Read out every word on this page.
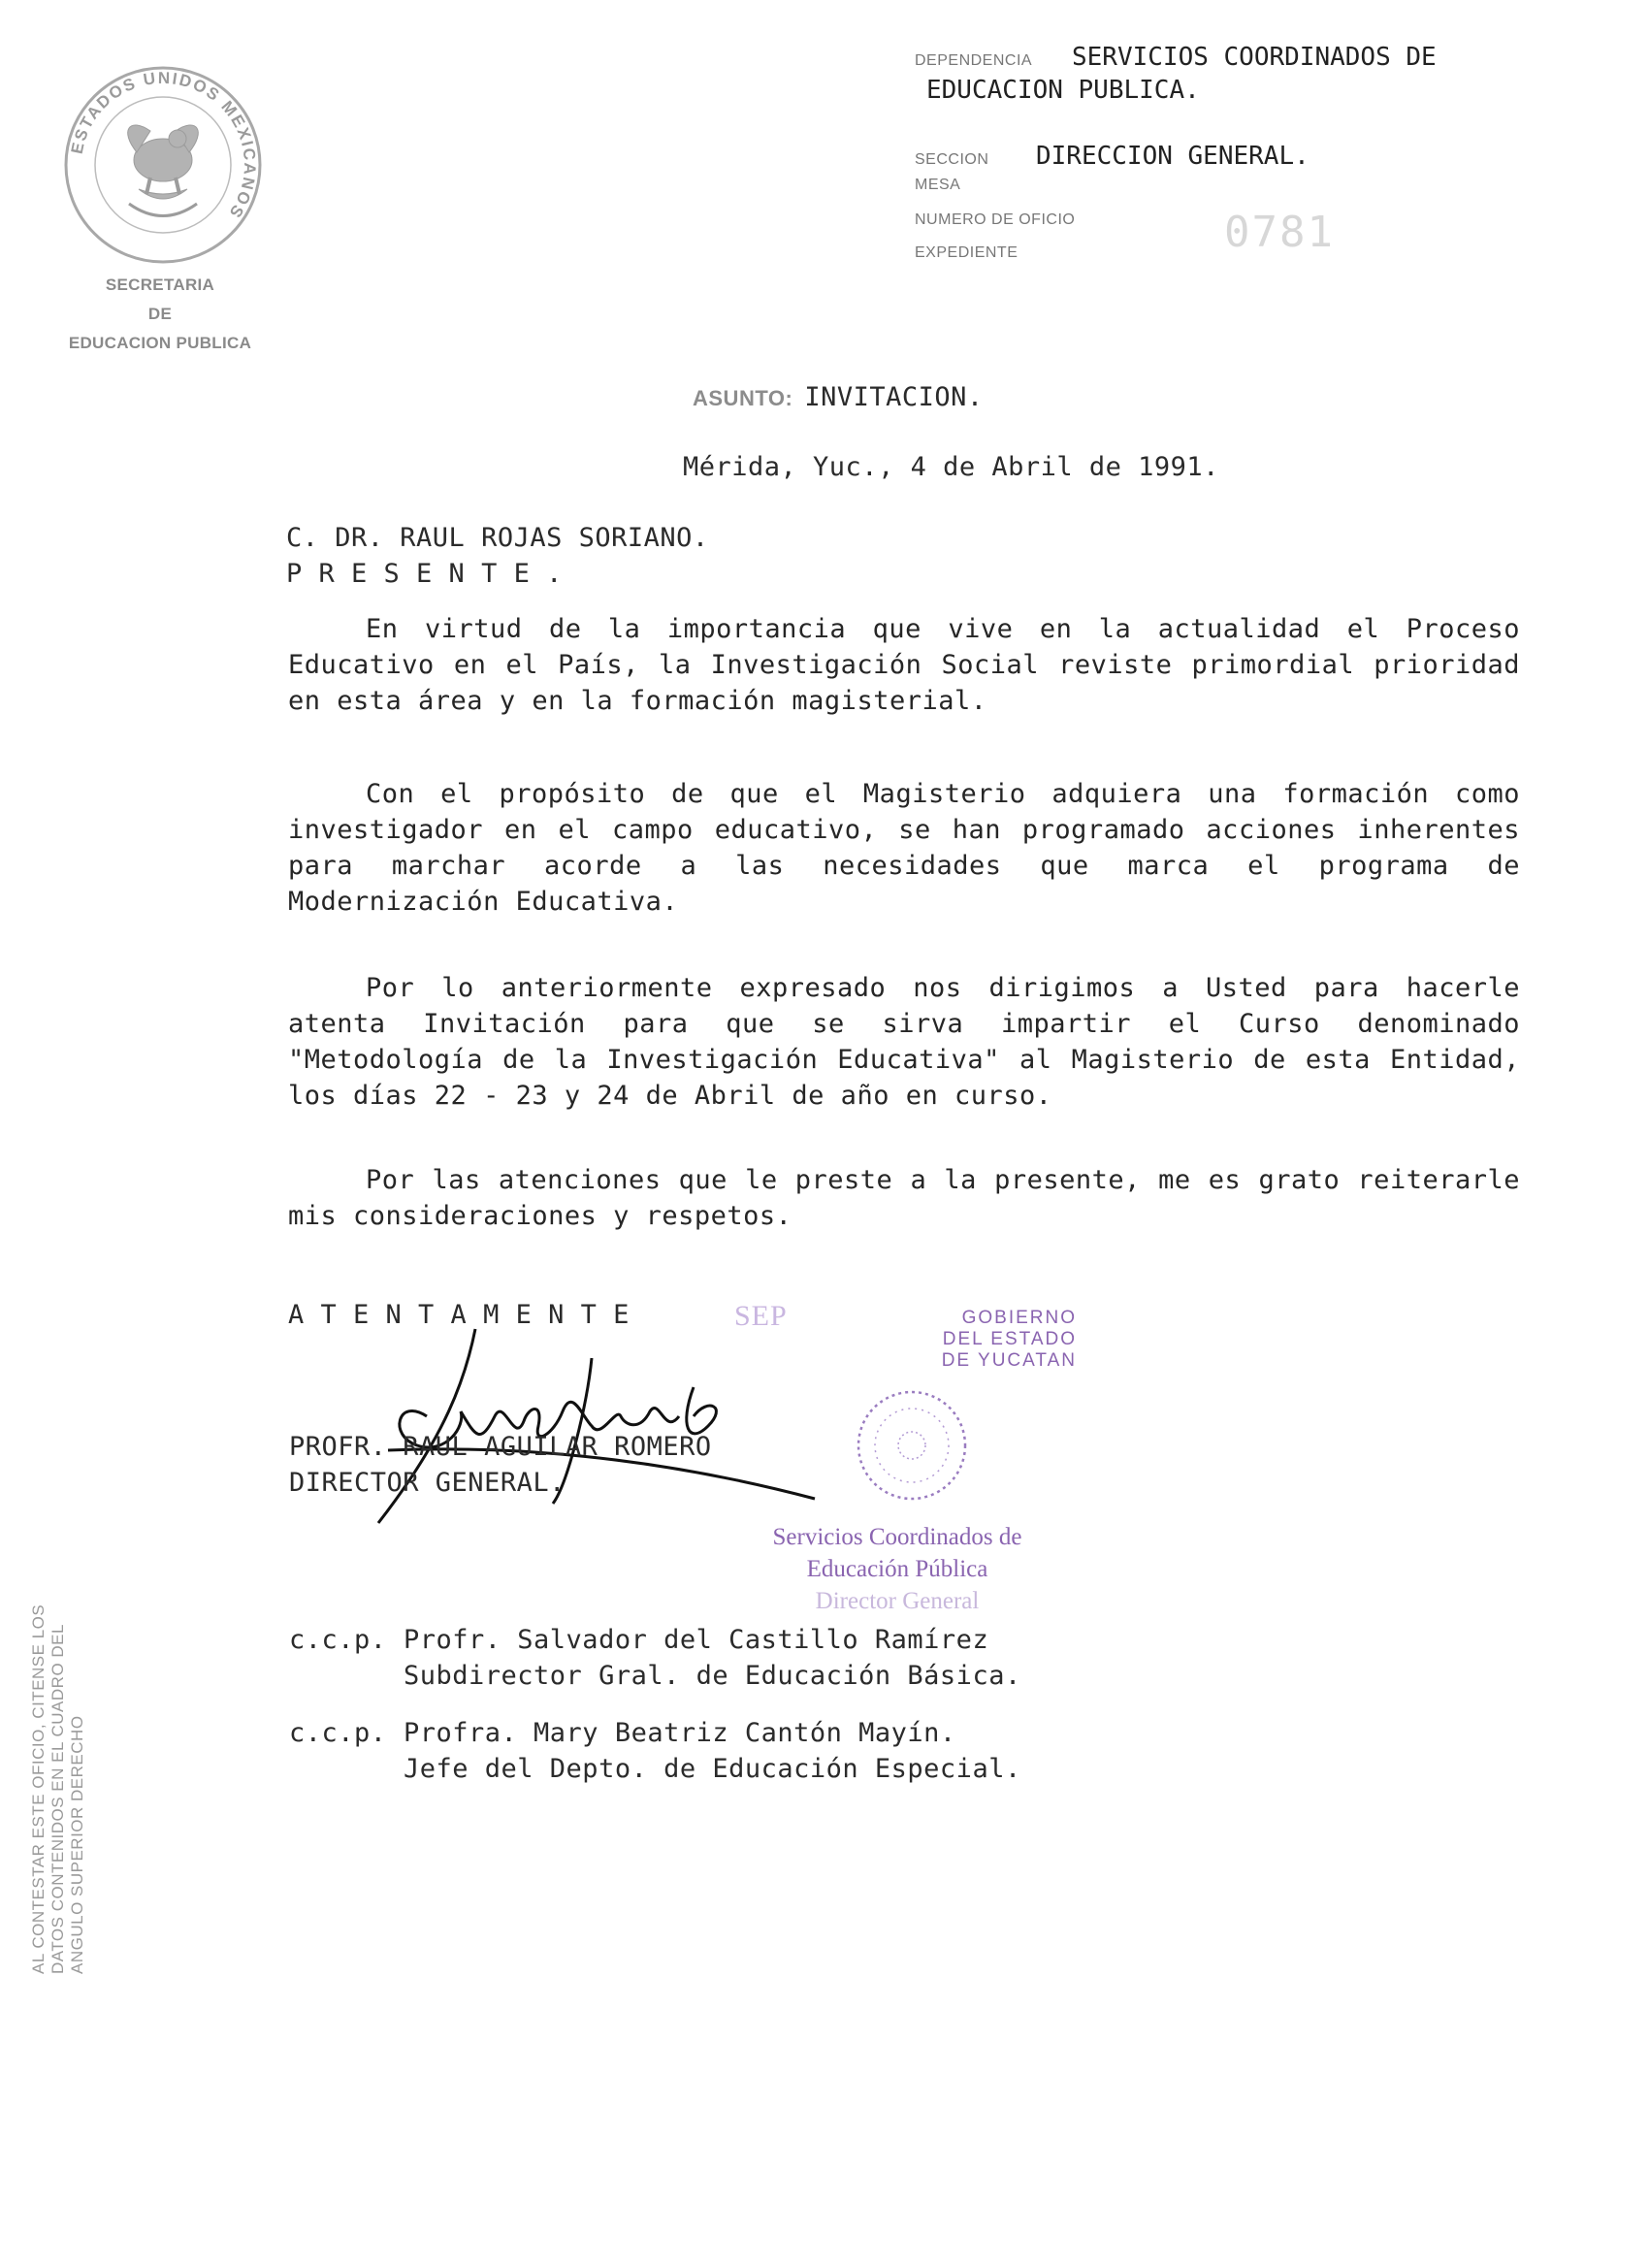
ESTADOS UNIDOS MEXICANOS
SECRETARIA
DE
EDUCACION PUBLICA
DEPENDENCIA	SERVICIOS COORDINADOS DE
EDUCACION PUBLICA.
SECCION	DIRECCION GENERAL.
MESA
NUMERO DE OFICIO
EXPEDIENTE	0781
ASUNTO: INVITACION.
Mérida, Yuc., 4 de Abril de 1991.
C. DR. RAUL ROJAS SORIANO.
P R E S E N T E .

En virtud de la importancia que vive en la actualidad el Proceso Educativo en el País, la Investigación Social reviste primordial prioridad en esta área y en la formación magisterial.

Con el propósito de que el Magisterio adquiera una formación como investigador en el campo educativo, se han programado acciones inherentes para marchar acorde a las necesidades que marca el programa de Modernización Educativa.

Por lo anteriormente expresado nos dirigimos a Usted para hacerle atenta Invitación para que se sirva impartir el Curso denominado "Metodología de la Investigación Educativa" al Magisterio de esta Entidad, los días 22 - 23 y 24 de Abril de año en curso.

Por las atenciones que le preste a la presente, me es grato reiterarle mis consideraciones y respetos.

A T E N T A M E N T E
PROFR. RAUL AGUILAR ROMERO
DIRECTOR GENERAL.
SEP	GOBIERNO
DEL ESTADO
DE YUCATAN
Servicios Coordinados de
Educación Pública
Director General
c.c.p. Profr. Salvador del Castillo Ramírez
Subdirector Gral. de Educación Básica.
c.c.p. Profra. Mary Beatriz Cantón Mayín.
Jefe del Depto. de Educación Especial.
AL CONTESTAR ESTE OFICIO, CITENSE LOS DATOS CONTENIDOS EN EL CUADRO DEL ANGULO SUPERIOR DERECHO
